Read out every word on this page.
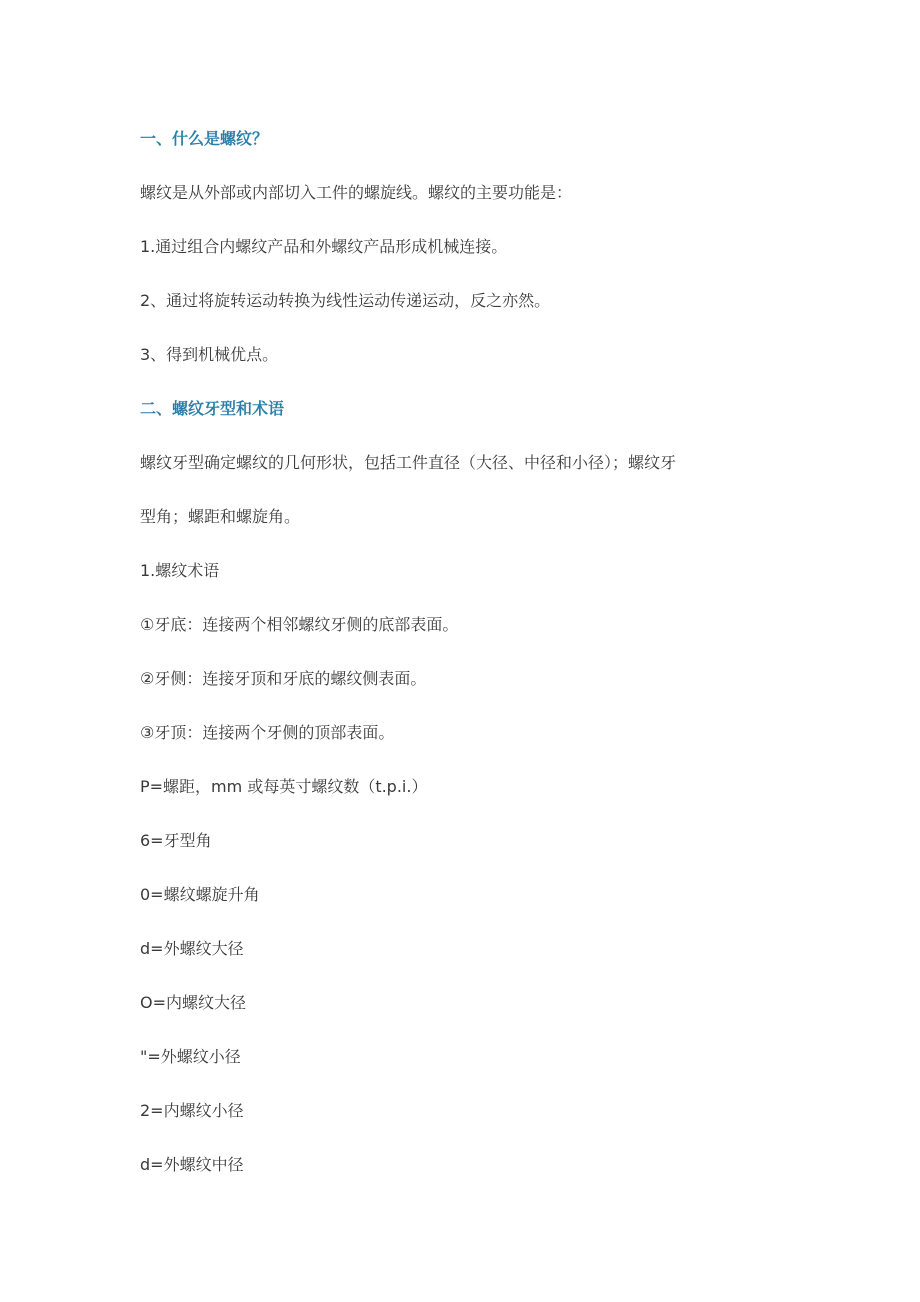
一、什么是螺纹？
螺纹是从外部或内部切入工件的螺旋线。螺纹的主要功能是：
1.通过组合内螺纹产品和外螺纹产品形成机械连接。
2、通过将旋转运动转换为线性运动传递运动，反之亦然。
3、得到机械优点。
二、螺纹牙型和术语
螺纹牙型确定螺纹的几何形状，包括工件直径（大径、中径和小径）；螺纹牙
型角；螺距和螺旋角。
1.螺纹术语
①牙底：连接两个相邻螺纹牙侧的底部表面。
②牙侧：连接牙顶和牙底的螺纹侧表面。
③牙顶：连接两个牙侧的顶部表面。
P=螺距，mm 或每英寸螺纹数（t.p.i.）
6=牙型角
0=螺纹螺旋升角
d=外螺纹大径
O=内螺纹大径
"=外螺纹小径
2=内螺纹小径
d=外螺纹中径
